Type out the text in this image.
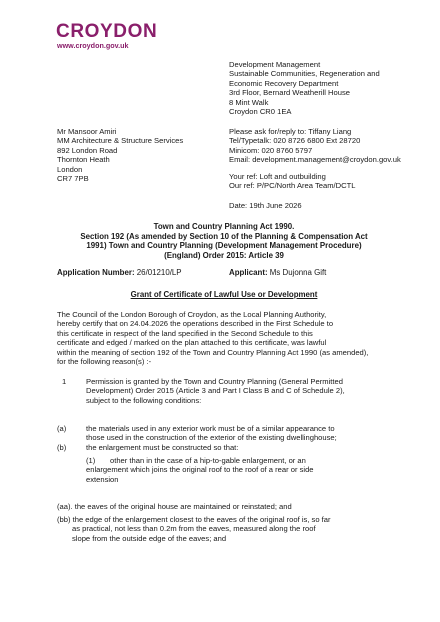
CROYDON
www.croydon.gov.uk
Development Management
Sustainable Communities, Regeneration and
Economic Recovery Department
3rd Floor, Bernard Weatherill House
8 Mint Walk
Croydon CR0 1EA
Mr Mansoor Amiri
MM Architecture & Structure Services
892 London Road
Thornton Heath
London
CR7 7PB
Please ask for/reply to: Tiffany Liang
Tel/Typetalk: 020 8726 6800 Ext 28720
Minicom: 020 8760 5797
Email: development.management@croydon.gov.uk
Your ref: Loft and outbuilding
Our ref: P/PC/North Area Team/DCTL
Date: 19th June 2026
Town and Country Planning Act 1990.
Section 192 (As amended by Section 10 of the Planning & Compensation Act
1991) Town and Country Planning (Development Management Procedure)
(England) Order 2015: Article 39
Application Number: 26/01210/LP	Applicant: Ms Dujonna Gift
Grant of Certificate of Lawful Use or Development
The Council of the London Borough of Croydon, as the Local Planning Authority,
hereby certify that on 24.04.2026 the operations described in the First Schedule to
this certificate in respect of the land specified in the Second Schedule to this
certificate and edged / marked on the plan attached to this certificate, was lawful
within the meaning of section 192 of the Town and Country Planning Act 1990 (as amended),
for the following reason(s) :-
1	Permission is granted by the Town and Country Planning (General Permitted
Development) Order 2015 (Article 3 and Part I Class B and C of Schedule 2),
subject to the following conditions:
(a)	the materials used in any exterior work must be of a similar appearance to
those used in the construction of the exterior of the existing dwellinghouse;
(b)	the enlargement must be constructed so that:
(1) other than in the case of a hip-to-gable enlargement, or an
enlargement which joins the original roof to the roof of a rear or side
extension
(aa). the eaves of the original house are maintained or reinstated; and
(bb) the edge of the enlargement closest to the eaves of the original roof is, so far
as practical, not less than 0.2m from the eaves, measured along the roof
slope from the outside edge of the eaves; and
